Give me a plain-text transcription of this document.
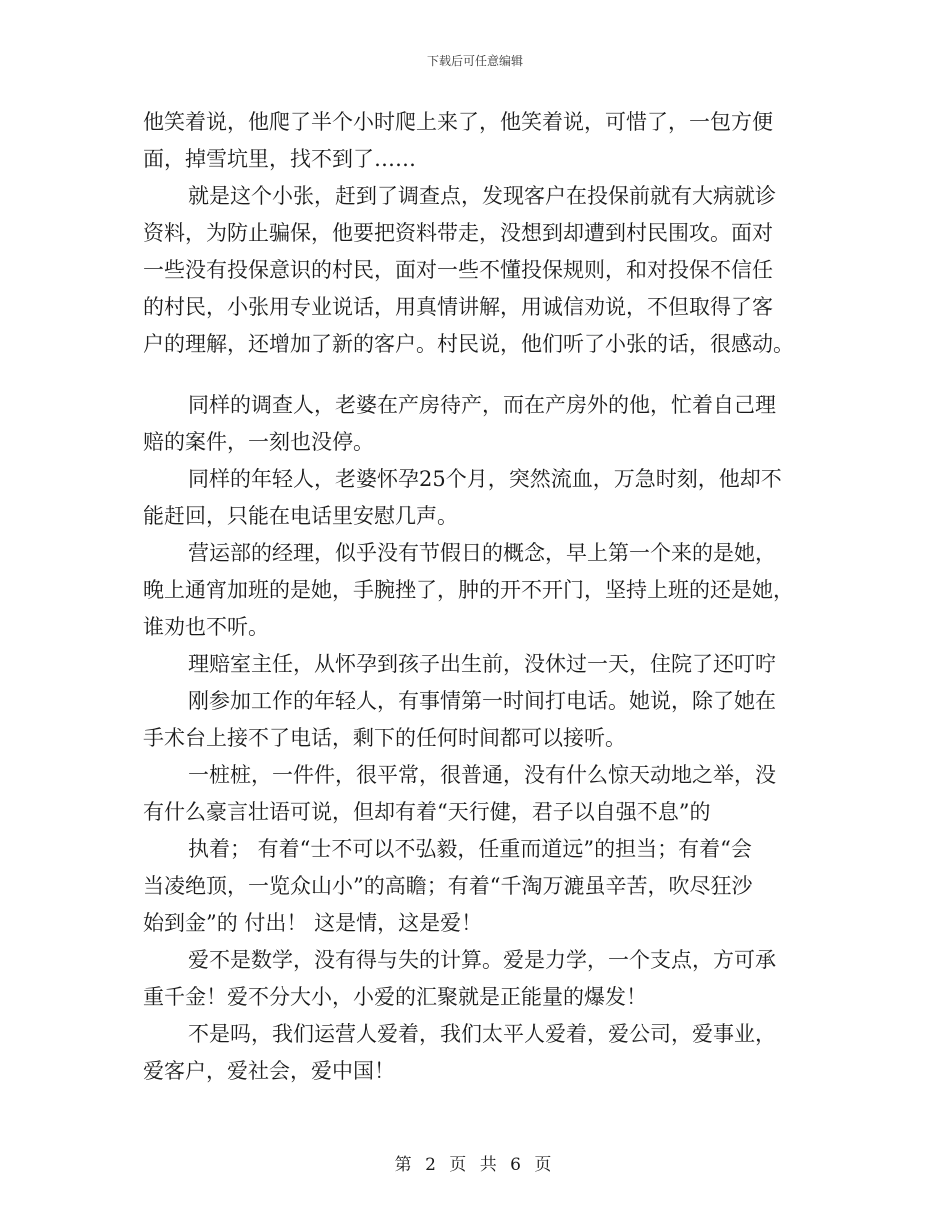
下载后可任意编辑
他笑着说，他爬了半个小时爬上来了，他笑着说，可惜了，一包方便
面，掉雪坑里，找不到了……
就是这个小张，赶到了调查点，发现客户在投保前就有大病就诊
资料，为防止骗保，他要把资料带走，没想到却遭到村民围攻。面对
一些没有投保意识的村民，面对一些不懂投保规则，和对投保不信任
的村民，小张用专业说话，用真情讲解，用诚信劝说，不但取得了客
户的理解，还增加了新的客户。村民说，他们听了小张的话，很感动。
同样的调查人，老婆在产房待产，而在产房外的他，忙着自己理
赔的案件，一刻也没停。
同样的年轻人，老婆怀孕25个月，突然流血，万急时刻，他却不
能赶回，只能在电话里安慰几声。
营运部的经理，似乎没有节假日的概念，早上第一个来的是她，
晚上通宵加班的是她，手腕挫了，肿的开不开门，坚持上班的还是她，
谁劝也不听。
理赔室主任，从怀孕到孩子出生前，没休过一天，住院了还叮咛
刚参加工作的年轻人，有事情第一时间打电话。她说，除了她在
手术台上接不了电话，剩下的任何时间都可以接听。
一桩桩，一件件，很平常，很普通，没有什么惊天动地之举，没
有什么豪言壮语可说，但却有着“天行健，君子以自强不息”的
执着； 有着“士不可以不弘毅，任重而道远”的担当；有着“会
当凌绝顶，一览众山小”的高瞻；有着“千淘万漉虽辛苦，吹尽狂沙
始到金”的 付出！ 这是情，这是爱！
爱不是数学，没有得与失的计算。爱是力学，一个支点，方可承
重千金！爱不分大小，小爱的汇聚就是正能量的爆发！
不是吗，我们运营人爱着，我们太平人爱着，爱公司，爱事业，
爱客户，爱社会，爱中国！
第 2 页 共 6 页
